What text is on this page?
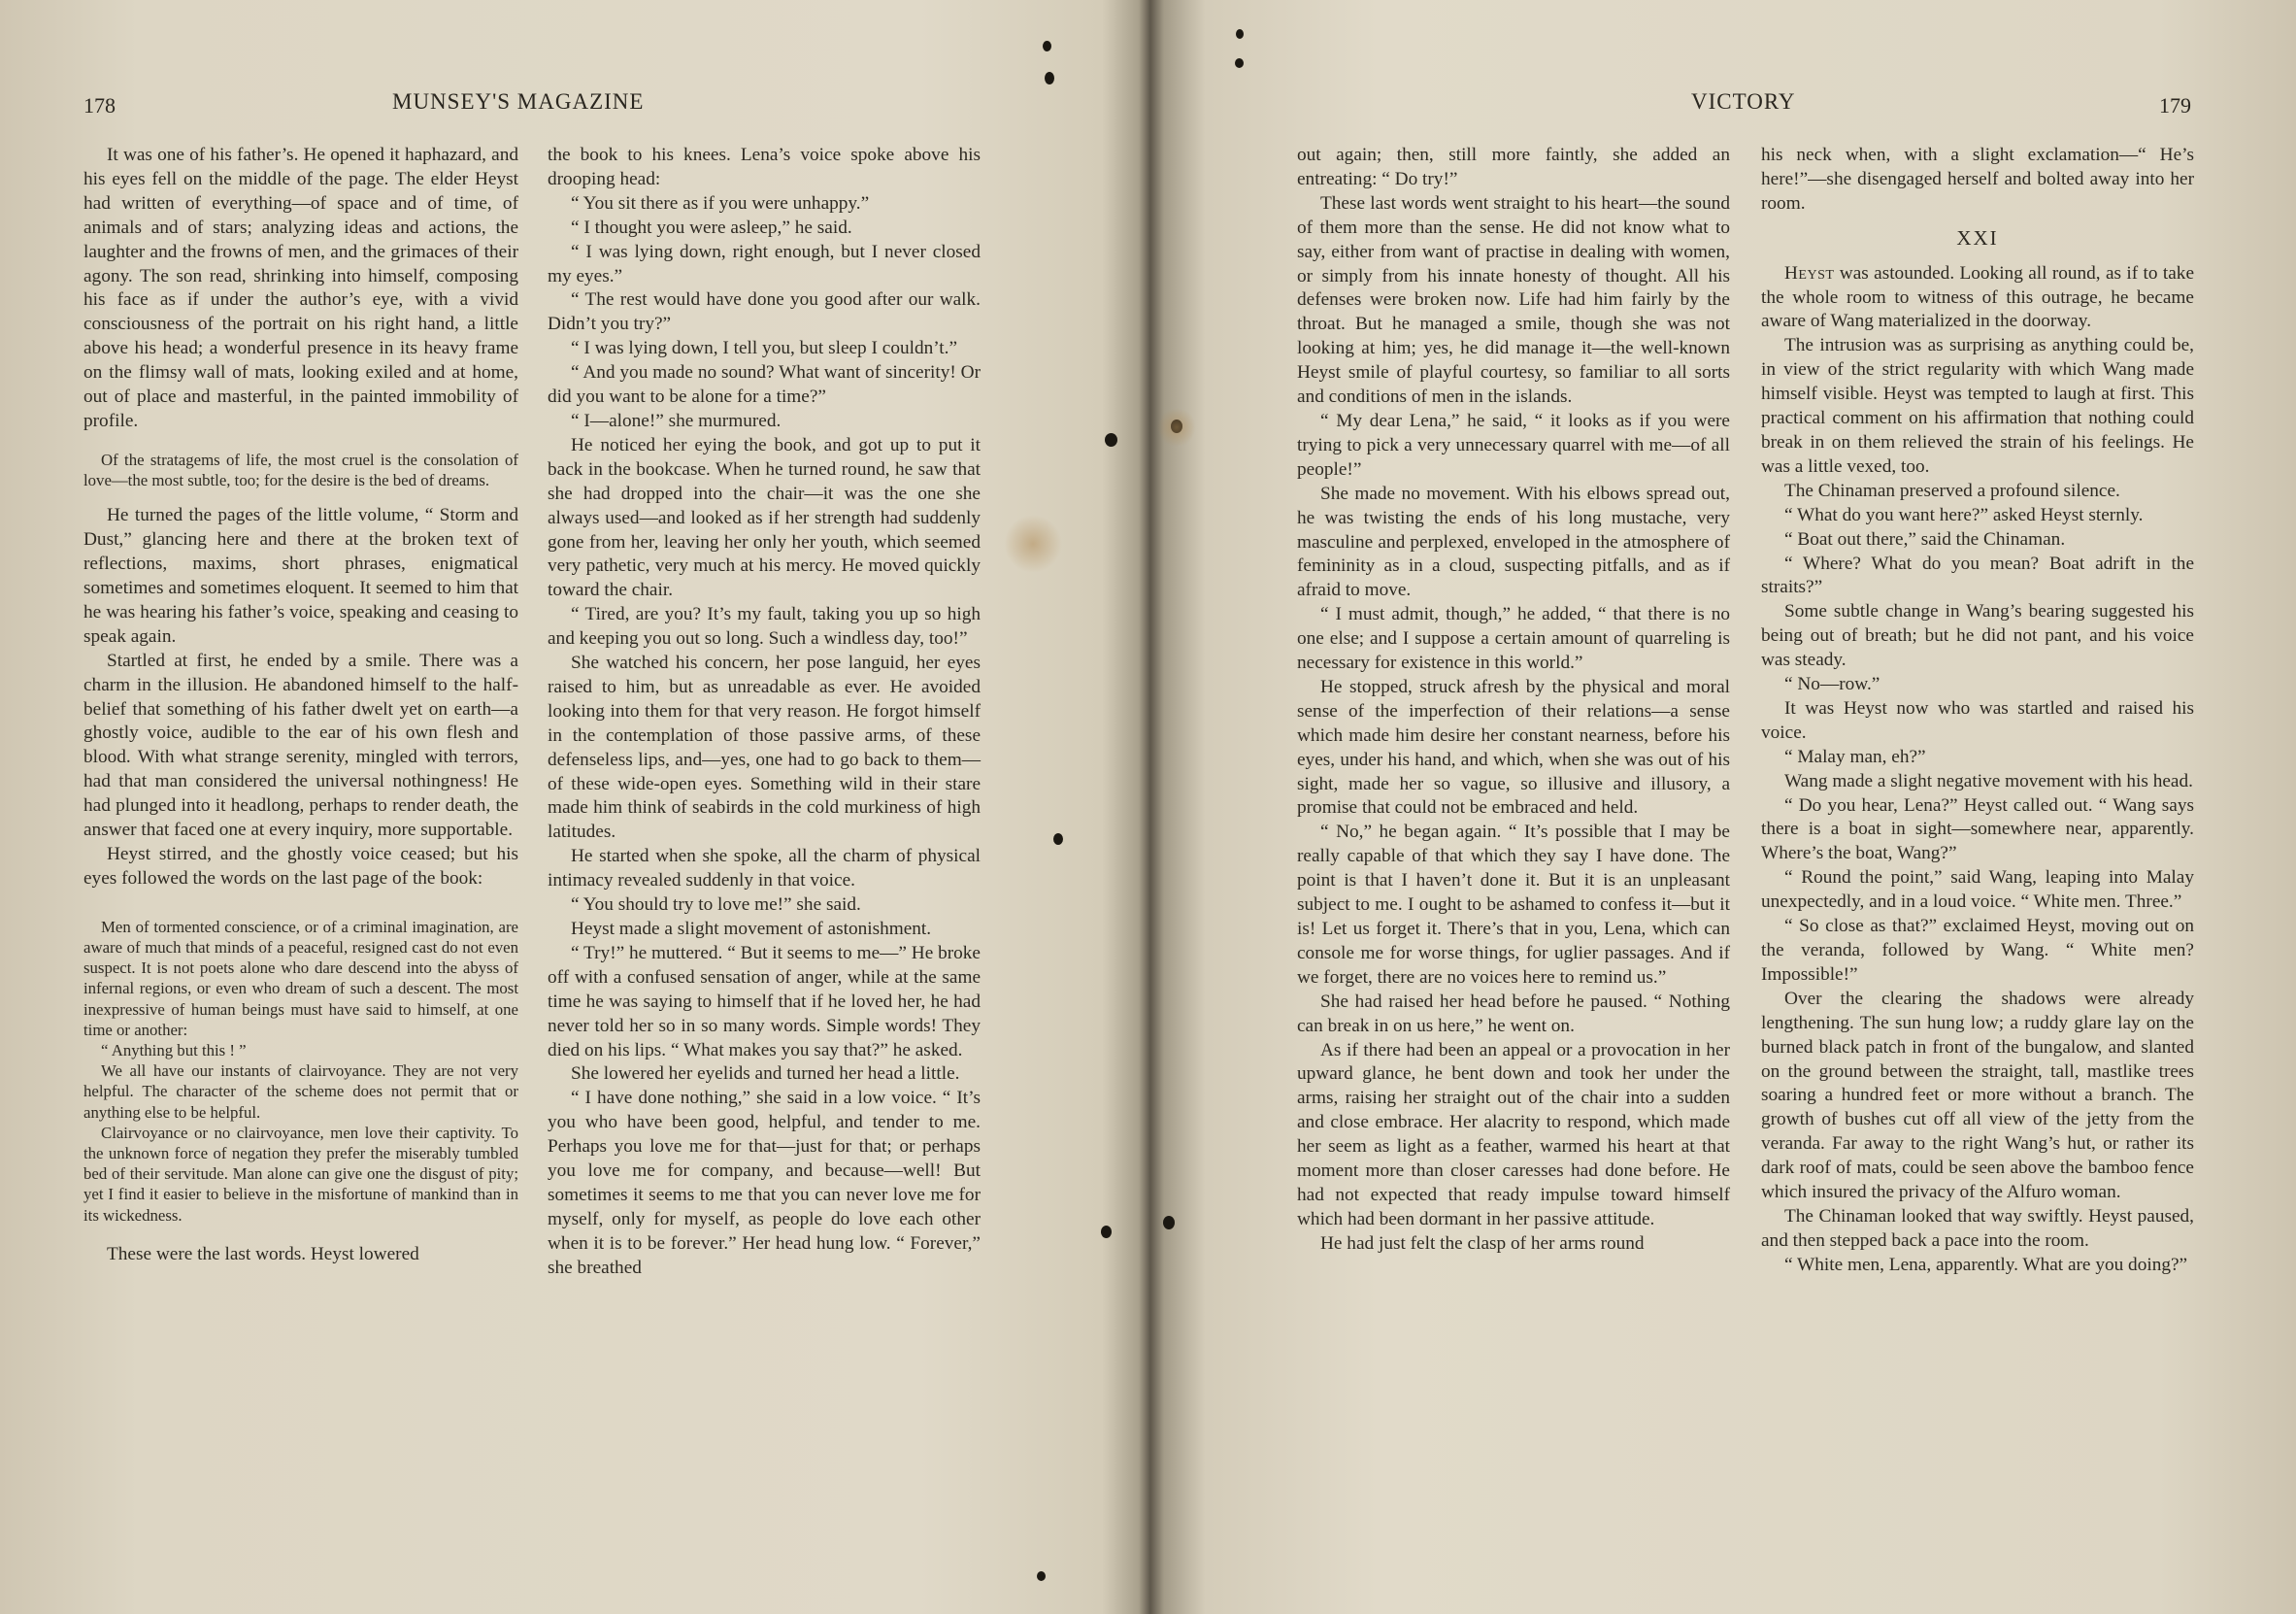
178	MUNSEY'S MAGAZINE

It was one of his father’s. He opened it haphazard, and his eyes fell on the middle of the page. The elder Heyst had written of everything—of space and of time, of animals and of stars; analyzing ideas and actions, the laughter and the frowns of men, and the grimaces of their agony. The son read, shrinking into himself, composing his face as if under the author’s eye, with a vivid consciousness of the portrait on his right hand, a little above his head; a wonderful presence in its heavy frame on the flimsy wall of mats, looking exiled and at home, out of place and masterful, in the painted immobility of profile.

Of the stratagems of life, the most cruel is the consolation of love—the most subtle, too; for the desire is the bed of dreams.

He turned the pages of the little volume, “ Storm and Dust,” glancing here and there at the broken text of reflections, maxims, short phrases, enigmatical sometimes and sometimes eloquent. It seemed to him that he was hearing his father’s voice, speaking and ceasing to speak again.

Startled at first, he ended by a smile. There was a charm in the illusion. He abandoned himself to the half-belief that something of his father dwelt yet on earth—a ghostly voice, audible to the ear of his own flesh and blood. With what strange serenity, mingled with terrors, had that man considered the universal nothingness! He had plunged into it headlong, perhaps to render death, the answer that faced one at every inquiry, more supportable.

Heyst stirred, and the ghostly voice ceased; but his eyes followed the words on the last page of the book:

Men of tormented conscience, or of a criminal imagination, are aware of much that minds of a peaceful, resigned cast do not even suspect. It is not poets alone who dare descend into the abyss of infernal regions, or even who dream of such a descent. The most inexpressive of human beings must have said to himself, at one time or another:

“ Anything but this ! ”

We all have our instants of clairvoyance. They are not very helpful. The character of the scheme does not permit that or anything else to be helpful.

Clairvoyance or no clairvoyance, men love their captivity. To the unknown force of negation they prefer the miserably tumbled bed of their servitude. Man alone can give one the disgust of pity; yet I find it easier to believe in the misfortune of mankind than in its wickedness.

These were the last words. Heyst lowered

the book to his knees. Lena’s voice spoke above his drooping head:

“ You sit there as if you were unhappy.”

“ I thought you were asleep,” he said.

“ I was lying down, right enough, but I never closed my eyes.”

“ The rest would have done you good after our walk. Didn’t you try?”

“ I was lying down, I tell you, but sleep I couldn’t.”

“ And you made no sound? What want of sincerity! Or did you want to be alone for a time?”

“ I—alone!” she murmured.

He noticed her eying the book, and got up to put it back in the bookcase. When he turned round, he saw that she had dropped into the chair—it was the one she always used—and looked as if her strength had suddenly gone from her, leaving her only her youth, which seemed very pathetic, very much at his mercy. He moved quickly toward the chair.

“ Tired, are you? It’s my fault, taking you up so high and keeping you out so long. Such a windless day, too!”

She watched his concern, her pose languid, her eyes raised to him, but as unreadable as ever. He avoided looking into them for that very reason. He forgot himself in the contemplation of those passive arms, of these defenseless lips, and—yes, one had to go back to them—of these wide-open eyes. Something wild in their stare made him think of seabirds in the cold murkiness of high latitudes.

He started when she spoke, all the charm of physical intimacy revealed suddenly in that voice.

“ You should try to love me!” she said.

Heyst made a slight movement of astonishment.

“ Try!” he muttered. “ But it seems to me—” He broke off with a confused sensation of anger, while at the same time he was saying to himself that if he loved her, he had never told her so in so many words. Simple words! They died on his lips. “ What makes you say that?” he asked.

She lowered her eyelids and turned her head a little.

“ I have done nothing,” she said in a low voice. “ It’s you who have been good, helpful, and tender to me. Perhaps you love me for that—just for that; or perhaps you love me for company, and because—well! But sometimes it seems to me that you can never love me for myself, only for myself, as people do love each other when it is to be forever.” Her head hung low. “ Forever,” she breathed

VICTORY	179

out again; then, still more faintly, she added an entreating: “ Do try!”

These last words went straight to his heart—the sound of them more than the sense. He did not know what to say, either from want of practise in dealing with women, or simply from his innate honesty of thought. All his defenses were broken now. Life had him fairly by the throat. But he managed a smile, though she was not looking at him; yes, he did manage it—the well-known Heyst smile of playful courtesy, so familiar to all sorts and conditions of men in the islands.

“ My dear Lena,” he said, “ it looks as if you were trying to pick a very unnecessary quarrel with me—of all people!”

She made no movement. With his elbows spread out, he was twisting the ends of his long mustache, very masculine and perplexed, enveloped in the atmosphere of femininity as in a cloud, suspecting pitfalls, and as if afraid to move.

“ I must admit, though,” he added, “ that there is no one else; and I suppose a certain amount of quarreling is necessary for existence in this world.”

He stopped, struck afresh by the physical and moral sense of the imperfection of their relations—a sense which made him desire her constant nearness, before his eyes, under his hand, and which, when she was out of his sight, made her so vague, so illusive and illusory, a promise that could not be embraced and held.

“ No,” he began again. “ It’s possible that I may be really capable of that which they say I have done. The point is that I haven’t done it. But it is an unpleasant subject to me. I ought to be ashamed to confess it—but it is! Let us forget it. There’s that in you, Lena, which can console me for worse things, for uglier passages. And if we forget, there are no voices here to remind us.”

She had raised her head before he paused. “ Nothing can break in on us here,” he went on.

As if there had been an appeal or a provocation in her upward glance, he bent down and took her under the arms, raising her straight out of the chair into a sudden and close embrace. Her alacrity to respond, which made her seem as light as a feather, warmed his heart at that moment more than closer caresses had done before. He had not expected that ready impulse toward himself which had been dormant in her passive attitude.

He had just felt the clasp of her arms round

his neck when, with a slight exclamation—“ He’s here!”—she disengaged herself and bolted away into her room.

XXI

Heyst was astounded. Looking all round, as if to take the whole room to witness of this outrage, he became aware of Wang materialized in the doorway.

The intrusion was as surprising as anything could be, in view of the strict regularity with which Wang made himself visible. Heyst was tempted to laugh at first. This practical comment on his affirmation that nothing could break in on them relieved the strain of his feelings. He was a little vexed, too.

The Chinaman preserved a profound silence.

“ What do you want here?” asked Heyst sternly.

“ Boat out there,” said the Chinaman.

“ Where? What do you mean? Boat adrift in the straits?”

Some subtle change in Wang’s bearing suggested his being out of breath; but he did not pant, and his voice was steady.

“ No—row.”

It was Heyst now who was startled and raised his voice.

“ Malay man, eh?”

Wang made a slight negative movement with his head.

“ Do you hear, Lena?” Heyst called out. “ Wang says there is a boat in sight—somewhere near, apparently. Where’s the boat, Wang?”

“ Round the point,” said Wang, leaping into Malay unexpectedly, and in a loud voice. “ White men. Three.”

“ So close as that?” exclaimed Heyst, moving out on the veranda, followed by Wang. “ White men? Impossible!”

Over the clearing the shadows were already lengthening. The sun hung low; a ruddy glare lay on the burned black patch in front of the bungalow, and slanted on the ground between the straight, tall, mastlike trees soaring a hundred feet or more without a branch. The growth of bushes cut off all view of the jetty from the veranda. Far away to the right Wang’s hut, or rather its dark roof of mats, could be seen above the bamboo fence which insured the privacy of the Alfuro woman.

The Chinaman looked that way swiftly. Heyst paused, and then stepped back a pace into the room.

“ White men, Lena, apparently. What are you doing?”
